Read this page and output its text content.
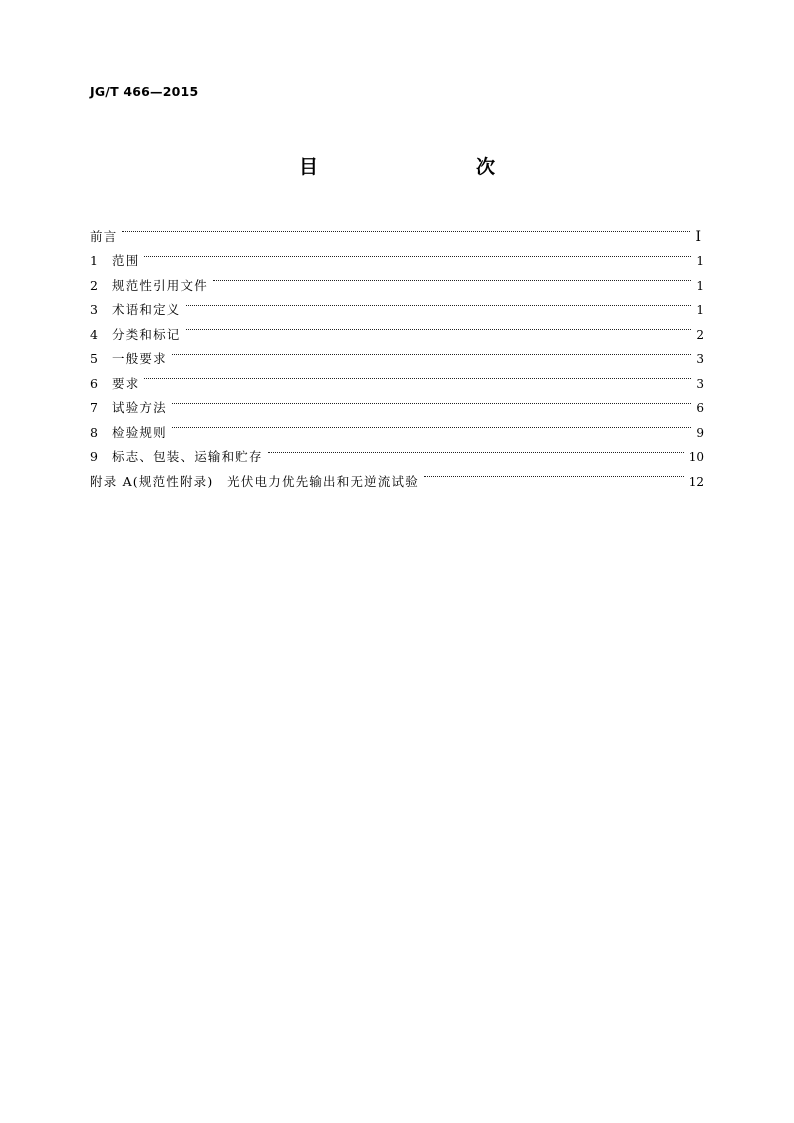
JG/T 466—2015
目　　次
前言	Ⅰ
1 范围	1
2 规范性引用文件	1
3 术语和定义	1
4 分类和标记	2
5 一般要求	3
6 要求	3
7 试验方法	6
8 检验规则	9
9 标志、包装、运输和贮存	10
附录 A(规范性附录)　光伏电力优先输出和无逆流试验	12
